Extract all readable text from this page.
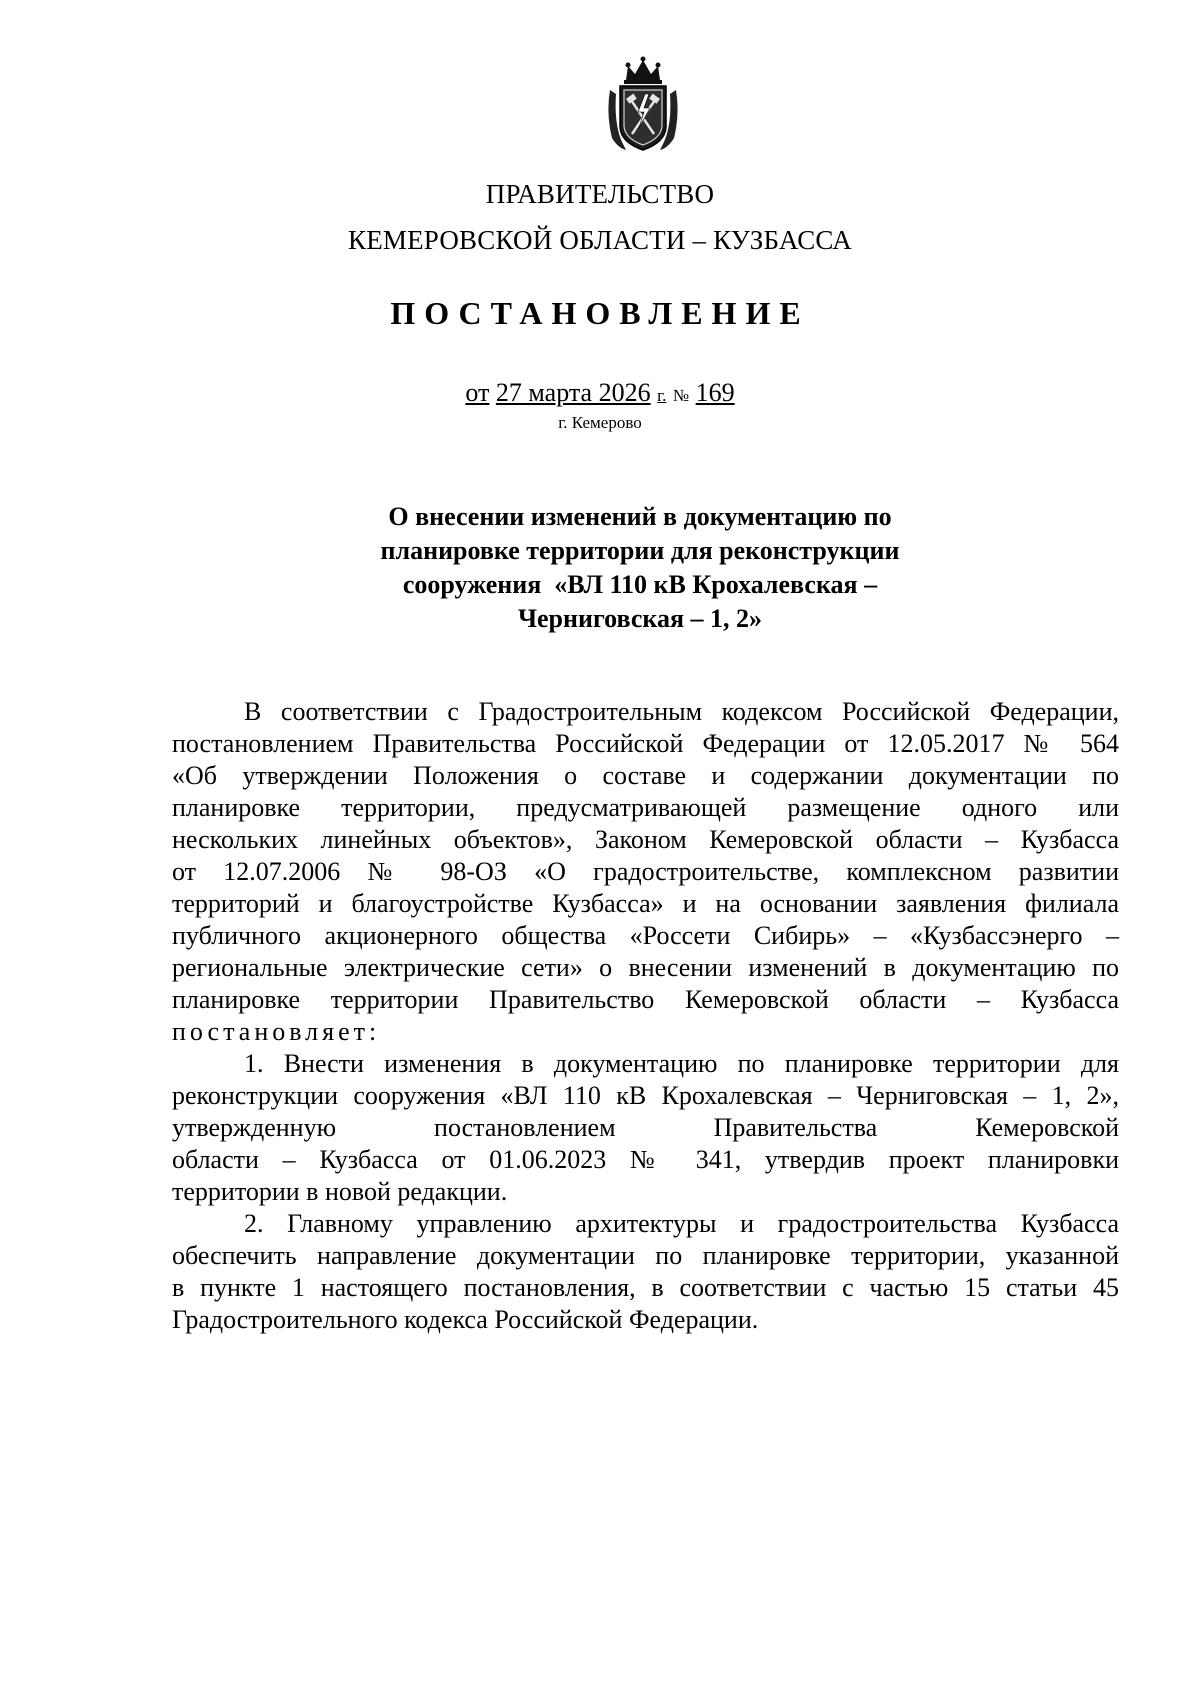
ПРАВИТЕЛЬСТВО
КЕМЕРОВСКОЙ ОБЛАСТИ – КУЗБАССА
ПОСТАНОВЛЕНИЕ
от 27 марта 2026 г. № 169
г. Кемерово
О внесении изменений в документацию по
планировке территории для реконструкции
сооружения  «ВЛ 110 кВ Крохалевская –
Черниговская – 1, 2»
В соответствии с Градостроительным кодексом Российской Федерации,
постановлением Правительства Российской Федерации от 12.05.2017 № 564
«Об утверждении Положения о составе и содержании документации по
планировке территории, предусматривающей размещение одного или
нескольких линейных объектов», Законом Кемеровской области – Кузбасса
от 12.07.2006 № 98-ОЗ «О градостроительстве, комплексном развитии
территорий и благоустройстве Кузбасса» и на основании заявления филиала
публичного акционерного общества «Россети Сибирь» – «Кузбассэнерго –
региональные электрические сети» о внесении изменений в документацию по
планировке территории Правительство Кемеровской области – Кузбасса
постановляет:
1. Внести изменения в документацию по планировке территории для
реконструкции сооружения «ВЛ 110 кВ Крохалевская – Черниговская – 1, 2»,
утвержденную постановлением Правительства Кемеровской
области – Кузбасса от 01.06.2023 № 341, утвердив проект планировки
территории в новой редакции.
2. Главному управлению архитектуры и градостроительства Кузбасса
обеспечить направление документации по планировке территории, указанной
в пункте 1 настоящего постановления, в соответствии с частью 15 статьи 45
Градостроительного кодекса Российской Федерации.
